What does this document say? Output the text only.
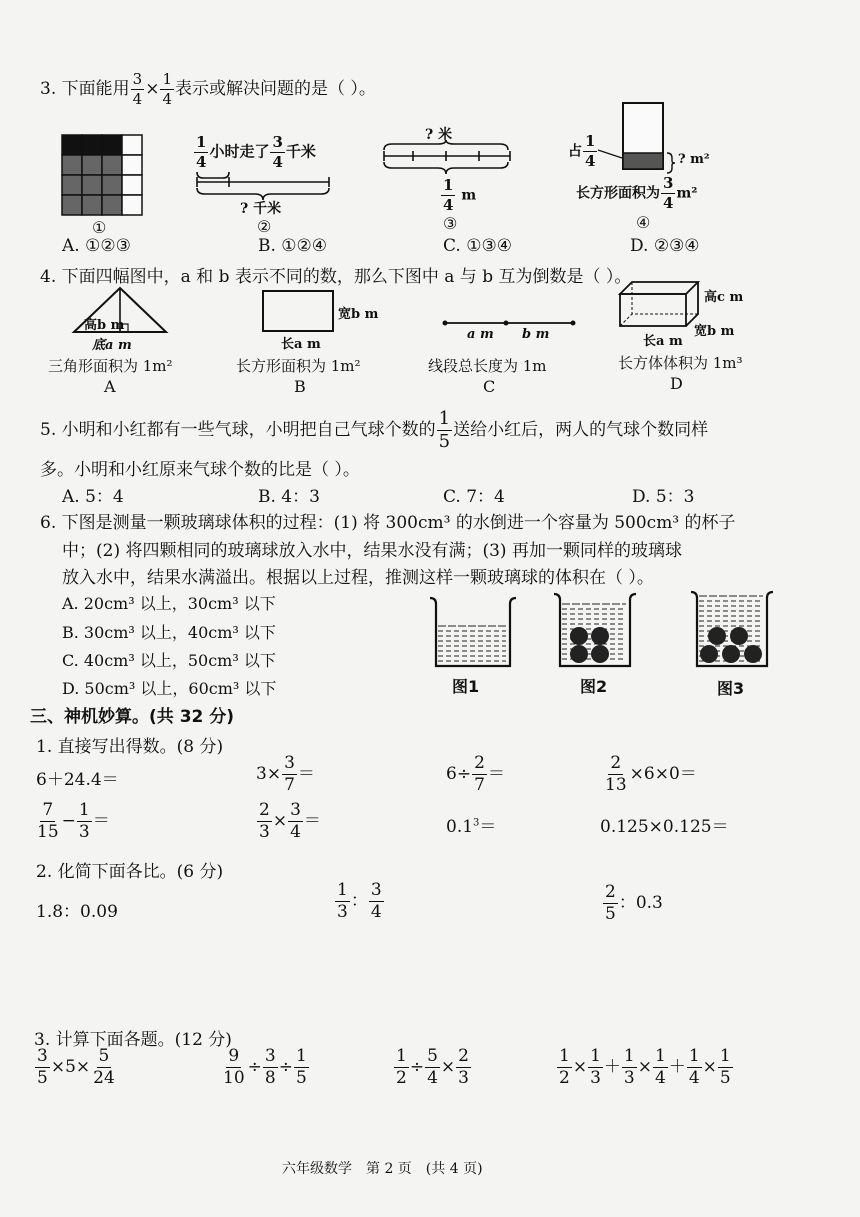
3. 下面能用 $\frac{3}{4} \times \frac{1}{4}$ 表示或解决问题的是（ ）。
①
$\frac{1}{4}$ 小时走了 $\frac{3}{4}$ 千米
? 千米
②
? 米
$\frac{1}{4}$ m
③
占 $\frac{1}{4}$	? m²
长方形面积为 $\frac{3}{4} m^2$
④
A. ①②③	B. ①②④	C. ①③④	D. ②③④
4. 下面四幅图中，a 和 b 表示不同的数，那么下图中 a 与 b 互为倒数是（ ）。
高b m
底a m
宽b m
长a m
a m b m
高c m
宽b m
长a m
三角形面积为 1m²	长方形面积为 1m²	线段总长度为 1m	长方体体积为 1m³
A	B	C	D
5. 小明和小红都有一些气球，小明把自己气球个数的 $\frac{1}{5}$ 送给小红后，两人的气球个数同样
多。小明和小红原来气球个数的比是（ ）。
A. 5：4	B. 4：3	C. 7：4	D. 5：3
6. 下图是测量一颗玻璃球体积的过程：(1) 将 300cm³ 的水倒进一个容量为 500cm³ 的杯子
中；(2) 将四颗相同的玻璃球放入水中，结果水没有满；(3) 再加一颗同样的玻璃球
放入水中，结果水满溢出。根据以上过程，推测这样一颗玻璃球的体积在（ ）。
A. 20cm³ 以上，30cm³ 以下
B. 30cm³ 以上，40cm³ 以下
C. 40cm³ 以上，50cm³ 以下
D. 50cm³ 以上，60cm³ 以下	图1	图2	图3
三、神机妙算。(共 32 分)
1. 直接写出得数。(8 分)
6＋24.4＝	$3\times \frac{3}{7}$ ＝	$6\div \frac{2}{7}$ ＝	$\frac{2}{13} \times 6\times 0=$
$\frac{7}{15} - \frac{1}{3}$ ＝	$\frac{2}{3} \times \frac{3}{4}$ ＝	$0.1^3=$	0.125×0.125＝
2. 化简下面各比。(6 分)
1.8：0.09	$\frac{1}{3}$ ： $\frac{3}{4}$	$\frac{2}{5}$ ：0.3
3. 计算下面各题。(12 分)
$\frac{3}{5} \times 5\times \frac{5}{24}$	$\frac{9}{10} \div \frac{3}{8} \div \frac{1}{5}$	$\frac{1}{2} \div \frac{5}{4} \times \frac{2}{3}$	$\frac{1}{2} \times \frac{1}{3} + \frac{1}{3} \times \frac{1}{4} + \frac{1}{4} \times \frac{1}{5}$
六年级数学　第 2 页　(共 4 页)
